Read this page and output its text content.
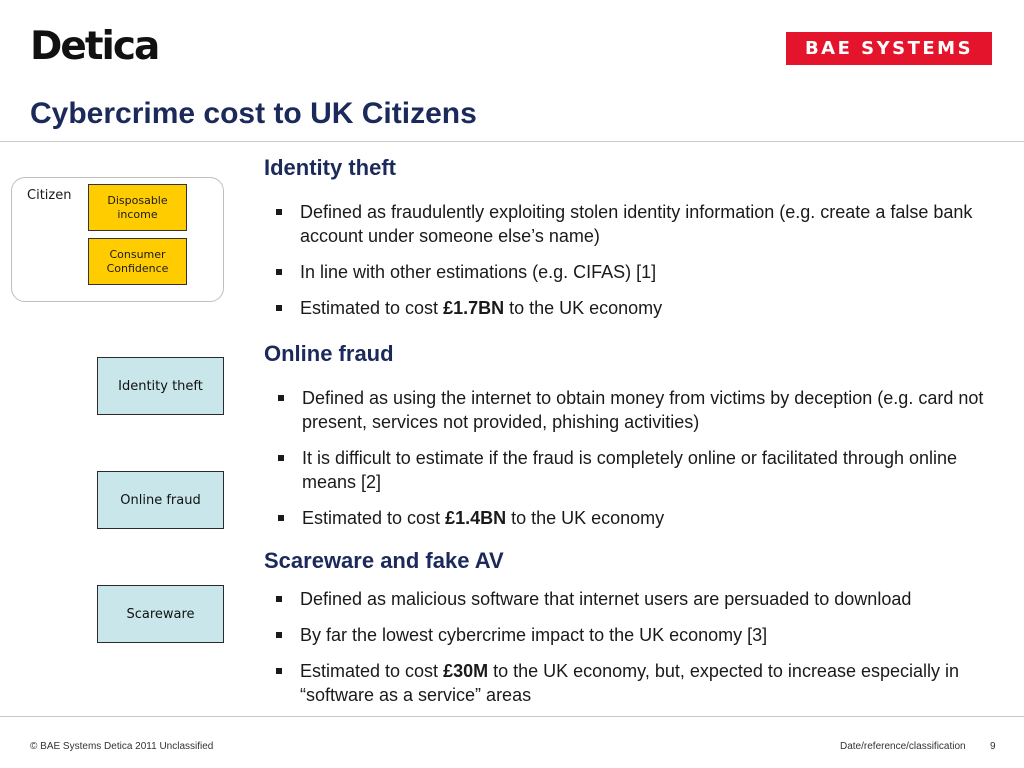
Detica	BAE SYSTEMS
Cybercrime cost to UK Citizens
Citizen	Disposable income
Consumer Confidence
Identity theft
Online fraud
Scareware
Identity theft
Defined as fraudulently exploiting stolen identity information (e.g. create a false bank account under someone else’s name)
In line with other estimations (e.g. CIFAS) [1]
Estimated to cost £1.7BN to the UK economy
Online fraud
Defined as using the internet to obtain money from victims by deception (e.g. card not present, services not provided, phishing activities)
It is difficult to estimate if the fraud is completely online or facilitated through online means [2]
Estimated to cost £1.4BN to the UK economy
Scareware and fake AV
Defined as malicious software that internet users are persuaded to download
By far the lowest cybercrime impact to the UK economy [3]
Estimated to cost £30M to the UK economy, but, expected to increase especially in “software as a service” areas
© BAE Systems Detica 2011 Unclassified	Date/reference/classification 9
